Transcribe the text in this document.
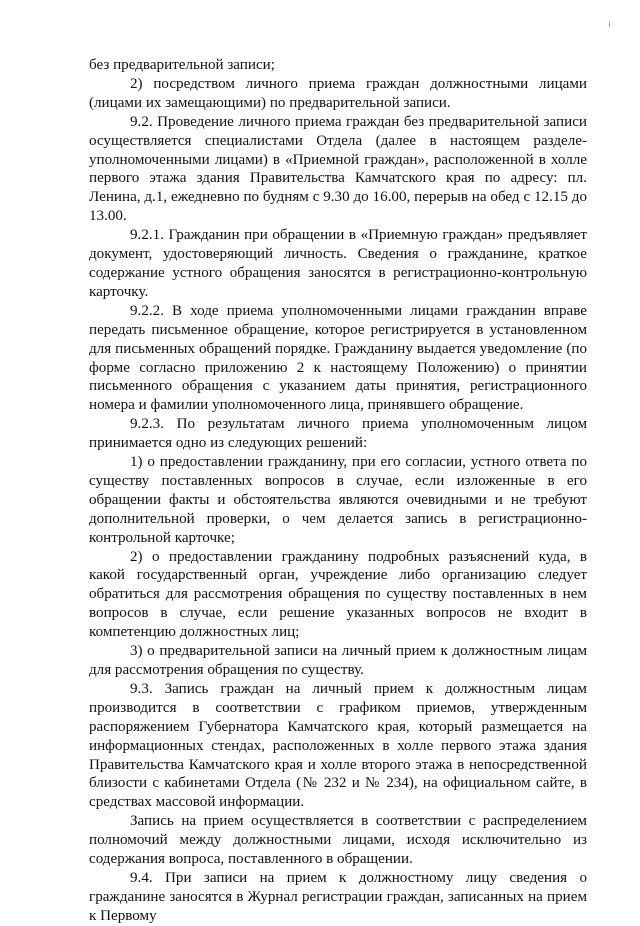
без предварительной записи;

2) посредством личного приема граждан должностными лицами (лицами их замещающими) по предварительной записи.

9.2. Проведение личного приема граждан без предварительной записи осуществляется специалистами Отдела (далее в настоящем разделе-уполномоченными лицами) в «Приемной граждан», расположенной в холле первого этажа здания Правительства Камчатского края по адресу: пл. Ленина, д.1, ежедневно по будням с 9.30 до 16.00, перерыв на обед с 12.15 до 13.00.

9.2.1. Гражданин при обращении в «Приемную граждан» предъявляет документ, удостоверяющий личность. Сведения о гражданине, краткое содержание устного обращения заносятся в регистрационно-контрольную карточку.

9.2.2. В ходе приема уполномоченными лицами гражданин вправе передать письменное обращение, которое регистрируется в установленном для письменных обращений порядке. Гражданину выдается уведомление (по форме согласно приложению 2 к настоящему Положению) о принятии письменного обращения с указанием даты принятия, регистрационного номера и фамилии уполномоченного лица, принявшего обращение.

9.2.3. По результатам личного приема уполномоченным лицом принимается одно из следующих решений:

1) о предоставлении гражданину, при его согласии, устного ответа по существу поставленных вопросов в случае, если изложенные в его обращении факты и обстоятельства являются очевидными и не требуют дополнительной проверки, о чем делается запись в регистрационно-контрольной карточке;

2) о предоставлении гражданину подробных разъяснений куда, в какой государственный орган, учреждение либо организацию следует обратиться для рассмотрения обращения по существу поставленных в нем вопросов в случае, если решение указанных вопросов не входит в компетенцию должностных лиц;

3) о предварительной записи на личный прием к должностным лицам для рассмотрения обращения по существу.

9.3. Запись граждан на личный прием к должностным лицам производится в соответствии с графиком приемов, утвержденным распоряжением Губернатора Камчатского края, который размещается на информационных стендах, расположенных в холле первого этажа здания Правительства Камчатского края и холле второго этажа в непосредственной близости с кабинетами Отдела (№ 232 и № 234), на официальном сайте, в средствах массовой информации.

Запись на прием осуществляется в соответствии с распределением полномочий между должностными лицами, исходя исключительно из содержания вопроса, поставленного в обращении.

9.4. При записи на прием к должностному лицу сведения о гражданине заносятся в Журнал регистрации граждан, записанных на прием к Первому
